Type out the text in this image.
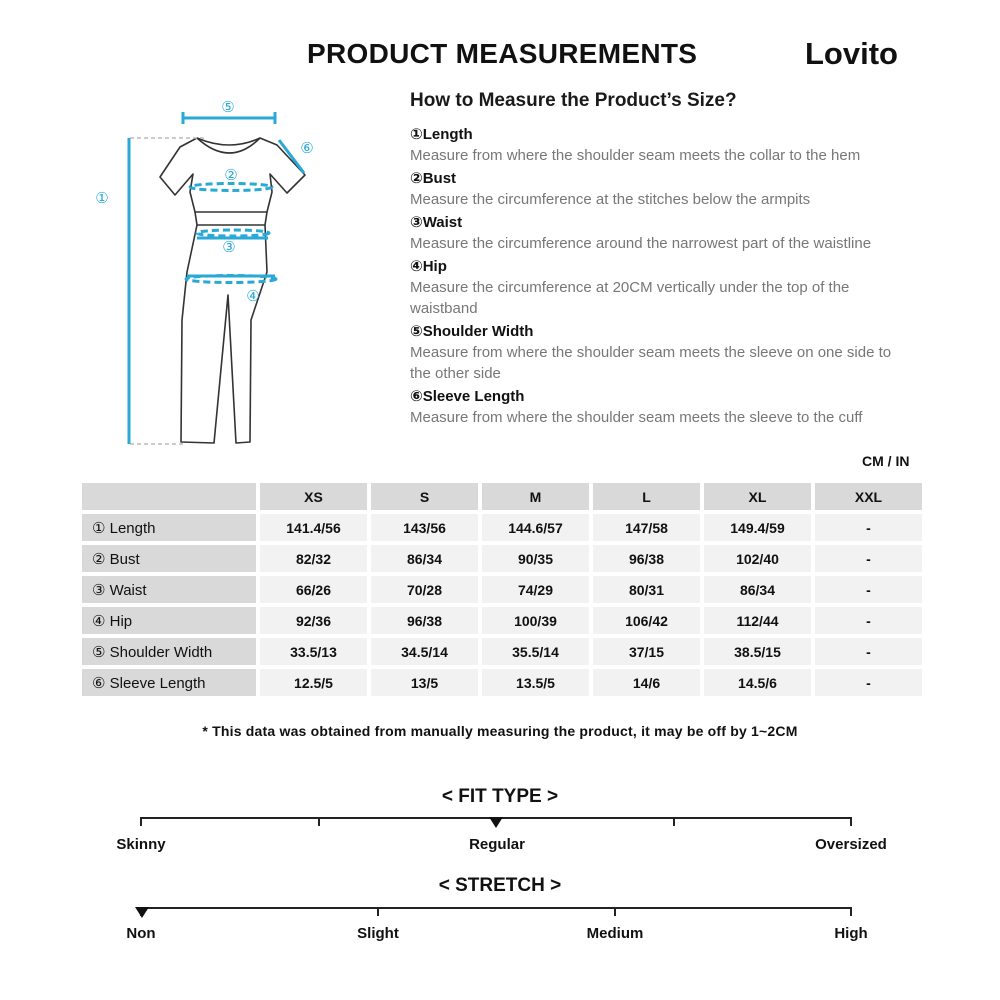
PRODUCT MEASUREMENTS	Lovito
①
②
③
④
⑤
⑥
How to Measure the Product’s Size?
①Length
Measure from where the shoulder seam meets the collar to the hem
②Bust
Measure the circumference at the stitches below the armpits
③Waist
Measure the circumference around the narrowest part of the waistline
④Hip
Measure the circumference at 20CM vertically under the top of the waistband
⑤Shoulder Width
Measure from where the shoulder seam meets the sleeve on one side to the other side
⑥Sleeve Length
Measure from where the shoulder seam meets the sleeve to the cuff
CM / IN
	XS	S	M	L	XL	XXL
① Length	141.4/56	143/56	144.6/57	147/58	149.4/59	-
② Bust	82/32	86/34	90/35	96/38	102/40	-
③ Waist	66/26	70/28	74/29	80/31	86/34	-
④ Hip	92/36	96/38	100/39	106/42	112/44	-
⑤ Shoulder Width	33.5/13	34.5/14	35.5/14	37/15	38.5/15	-
⑥ Sleeve Length	12.5/5	13/5	13.5/5	14/6	14.5/6	-
* This data was obtained from manually measuring the product, it may be off by 1~2CM
< FIT TYPE >
Skinny	Regular	Oversized
< STRETCH >
Non	Slight	Medium	High
